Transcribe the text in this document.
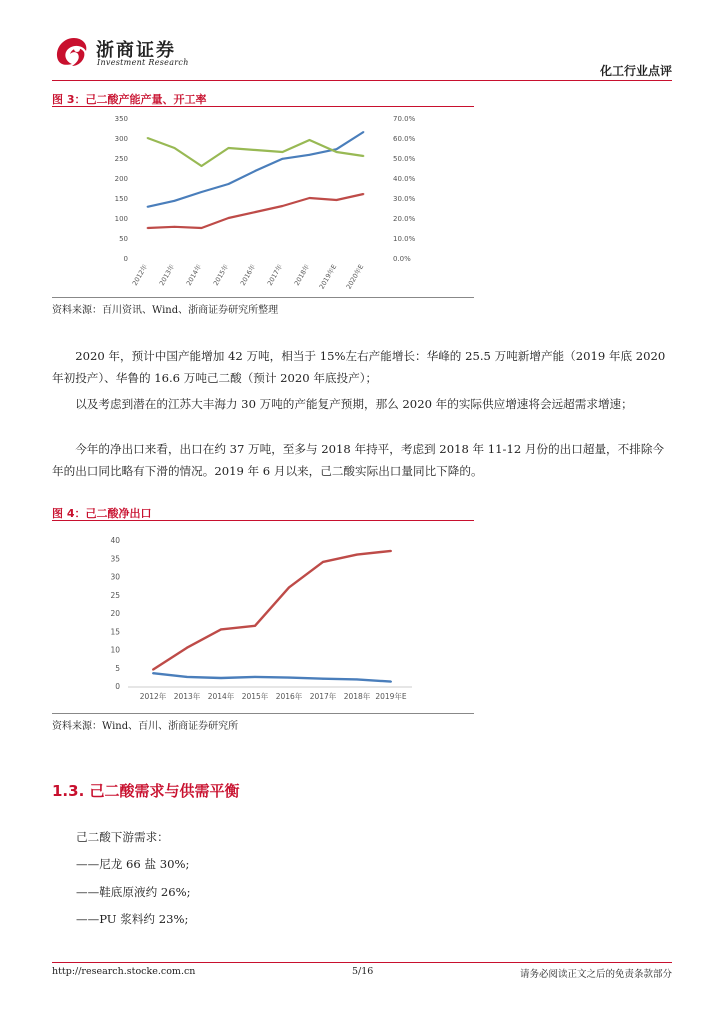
浙商证券
Investment Research
化工行业点评
图 3：己二酸产能产量、开工率
0
50
100
150
200
250
300
350
0.0%
10.0%
20.0%
30.0%
40.0%
50.0%
60.0%
70.0%
2012年 2013年 2014年 2015年 2016年 2017年 2018年 2019年E 2020年E
资料来源：百川资讯、Wind、浙商证券研究所整理
2020 年，预计中国产能增加 42 万吨，相当于 15%左右产能增长：华峰的 25.5 万吨新增产能（2019 年底 2020 年初投产）、华鲁的 16.6 万吨己二酸（预计 2020 年底投产）；
以及考虑到潜在的江苏大丰海力 30 万吨的产能复产预期，那么 2020 年的实际供应增速将会远超需求增速；
今年的净出口来看，出口在约 37 万吨，至多与 2018 年持平，考虑到 2018 年 11-12 月份的出口超量，不排除今年的出口同比略有下滑的情况。2019 年 6 月以来，己二酸实际出口量同比下降的。
图 4：己二酸净出口
0
5
10
15
20
25
30
35
40
2012年 2013年 2014年 2015年 2016年 2017年 2018年 2019年E
资料来源：Wind、百川、浙商证券研究所
1.3. 己二酸需求与供需平衡
己二酸下游需求：
——尼龙 66 盐 30%;
——鞋底原液约 26%;
——PU 浆料约 23%;
http://research.stocke.com.cn	5/16	请务必阅读正文之后的免责条款部分
